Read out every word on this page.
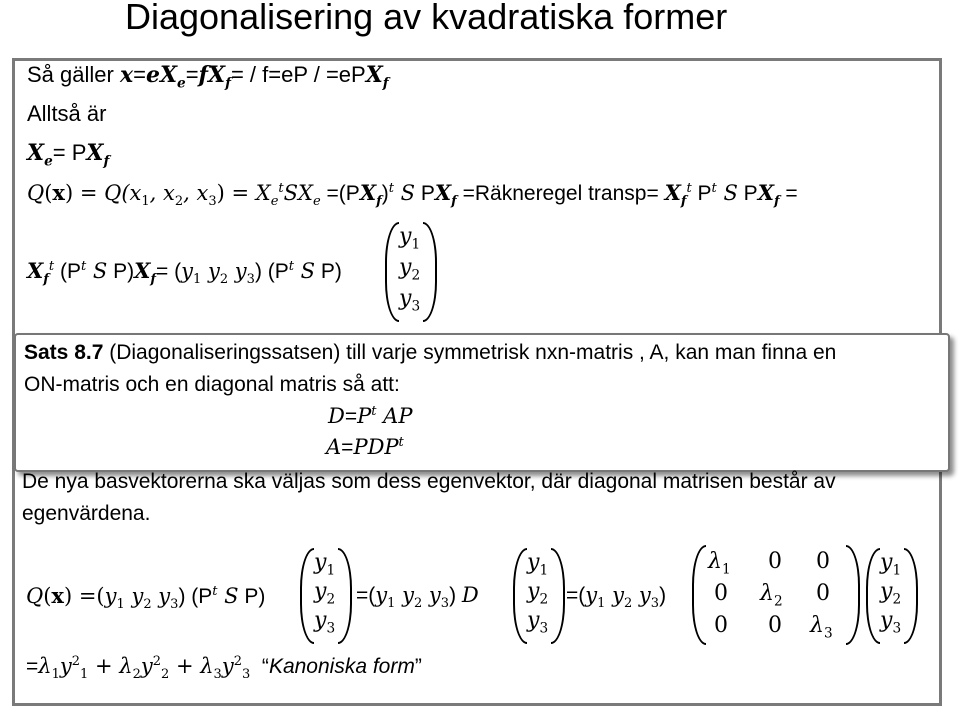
Diagonalisering av kvadratiska former
Så gäller $x=eX_e=fX_f= / f=eP / =ePX_f$
Alltså är
$X_e= PX_f$
$Q(x) = Q(x_1$, $x_2$, $x_3) = X_e^tSX_e =(PX_f)^t$ S $PX_f$ =Räkneregel transp= $X_f^t$ $P^t$ S $PX_f$ =
$X_f^t$ ($P^t$ S $P)X_f= (y_1$ $y_2$ $y_3$) ($P^t$ S P)
$y_1$
$y_2$
$y_3$
Sats 8.7 (Diagonaliseringssatsen) till varje symmetrisk nxn-matris , A, kan man finna en
ON-matris och en diagonal matris så att:
$D=P^t$ AP
$A=PDP^t$
De nya basvektorerna ska väljas som dess egenvektor, där diagonal matrisen består av
egenvärdena.
$Q(x) =(y_1$ $y_2$ $y_3$) ($P^t$ S P)
$y_1$
$y_2$
$y_3$
$=(y_1$ $y_2$ $y_3$) D
$y_1$
$y_2$
$y_3$
$=(y_1$ $y_2$ $y_3$)
$\lambda_1$ 0 0
0 $\lambda_2$ 0
0 0 $\lambda_3$
$y_1$
$y_2$
$y_3$
$=\lambda_1y^2_1 + \lambda_2y^2_2 + \lambda_3y^2_3$  “Kanoniska form”
